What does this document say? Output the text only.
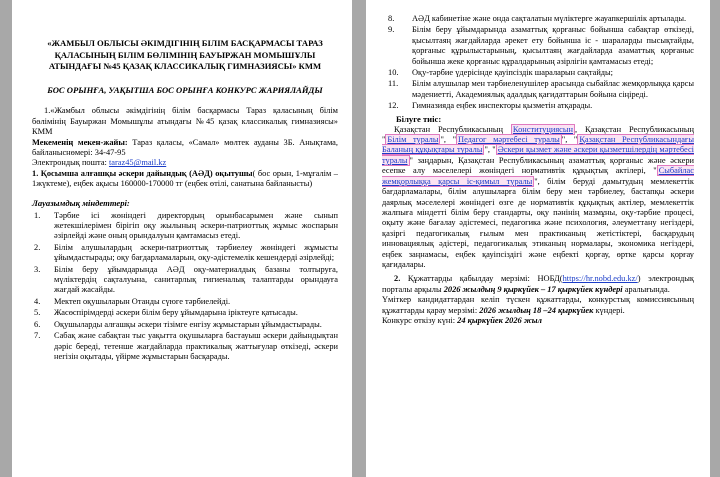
«ЖАМБЫЛ ОБЛЫСЫ ӘКІМДІГІНІҢ БІЛІМ БАСҚАРМАСЫ ТАРАЗ ҚАЛАСЫНЫҢ БІЛІМ БӨЛІМІНІҢ БАУЫРЖАН МОМЫШҰЛЫ АТЫНДАҒЫ №45 ҚАЗАҚ КЛАССИКАЛЫҚ ГИМНАЗИЯСЫ» КММ
БОС ОРЫНҒА, УАҚЫТША БОС ОРЫНҒА КОНКУРС ЖАРИЯЛАЙДЫ

1.«Жамбыл облысы әкімдігінің білім басқармасы Тараз қаласының білім бөлімінің Бауыржан Момышұлы атындағы №45 қазақ классикалық гимназиясы» КММ

Мекеменің мекен-жайы: Тараз қаласы, «Самал» мөлтек ауданы 3Б. Анықтама, байланыснөмері: 34-47-95

Электрондық пошта: taraz45@mail.kz

1. Қосымша алғашқы әскери дайындық (АӘД) оқытушы( бос орын, 1-мұғалім –1жүктеме), еңбек ақысы 160000-170000 тг (еңбек өтілі, санатына байланысты)

Лауазымдық міндеттері:
1. Тәрбие ісі жөніндегі директордың орынбасарымен және сынып жетекшілерімен бірігіп оқу жылының әскери-патриоттық жұмыс жоспарын әзірлейді және оның орындалуын қамтамасыз етеді.
2. Білім алушылардың әскери-патриоттық тәрбиелеу жөніндегі жұмысты ұйымдастырады; оқу бағдарламаларын, оқу-әдістемелік кешендерді әзірлейді;
3. Білім беру ұйымдарында АӘД оқу-материалдық базаны толтыруға, мүліктердің сақталуына, санитарлық гигиеналық талаптарды орындауға жағдай жасайды.
4. Мектеп оқушыларын Отанды сүюге тәрбиелейді.
5. Жасөспірімдерді әскери білім беру ұйымдарына іріктеуге қатысады.
6. Оқушыларды алғашқы әскери тізімге енгізу жұмыстарын ұйымдастырады.
7. Сабақ және сабақтан тыс уақытта оқушыларға бастауыш әскери дайындықтан дәріс береді, тетенше жағдайларда практикалық жаттығулар өткізеді, әскери негізін оқытады, үйірме жұмыстарын басқарады.
8. АӘД кабинетіне және онда сақталатын мүліктерге жауапкершілік артылады.
9. Білім беру ұйымдарында азаматтық қорғаныс бойынша сабақтар өткізеді, қысылтаяң жағдайларда әрекет ету бойынша іс - шараларды пысықтайды, қорғаныс құрылыстарының, қысылтаяң жағдайларда азаматтық қорғаныс бойынша жеке қорғаныс құралдарының әзірлігін қамтамасыз етеді;
10. Оқу-тәрбие үдерісінде қауіпсіздік шараларын сақтайды;
11. Білім алушылар мен тәрбиеленушілер арасында сыбайлас жемқорлыққа қарсы мәдениетті, Академиялық адалдық қағидаттарын бойына сіңіреді.
12. Гимназияда еңбек инспекторы қызметін атқарады.
Білуге тиіс:

Қазақстан Республикасының Конституциясын , Қазақстан Республикасының " Білім туралы ", " Педагог мәртебесі туралы ", " Қазақстан Республикасындағы Баланың құқықтары туралы ", " Әскери қызмет және әскери қызметшілердің мәртебесі туралы " заңдарын, Қазақстан Республикасының азаматтық қорғаныс және әскери есепке алу мәселелері жөніндегі нормативтік құқықтық актілері, " Сыбайлас жемқорлыққа қарсы іс-қимыл туралы ", білім беруді дамытудың мемлекеттік бағдарламалары, білім алушыларға білім беру мен тәрбиелеу, бастапқы әскери даярлық мәселелері жөніндегі өзге де нормативтік құқықтық актілер, мемлекеттік жалпыға міндетті білім беру стандарты, оқу пәнінің мазмұны, оқу-тәрбие процесі, оқыту және бағалау әдістемесі, педагогика және психология, әлеуметтану негіздері, қазіргі педагогикалық ғылым мен практиканың жетістіктері, басқарудың инновациялық әдістері, педагогикалық этиканың нормалары, экономика негіздері, еңбек заңнамасы, еңбек қауіпсіздігі және еңбекті қорғау, өртке қарсы қорғау қағидалары.

2. Құжаттарды қабылдау мерзімі: НОБД(https://hr.nobd.edu.kz/) электрондық порталы арқылы 2026 жылдың 9 қыркүйек – 17 қыркүйек күндері аралығында.

Үміткер кандидаттардан келіп түскен құжаттарды, конкурстық комиссиясының құжаттарды қарау мерзімі: 2026 жылдың 18 –24 қыркүйек күндері.

Конкурс өткізу күні: 24 қыркүйек 2026 жыл
